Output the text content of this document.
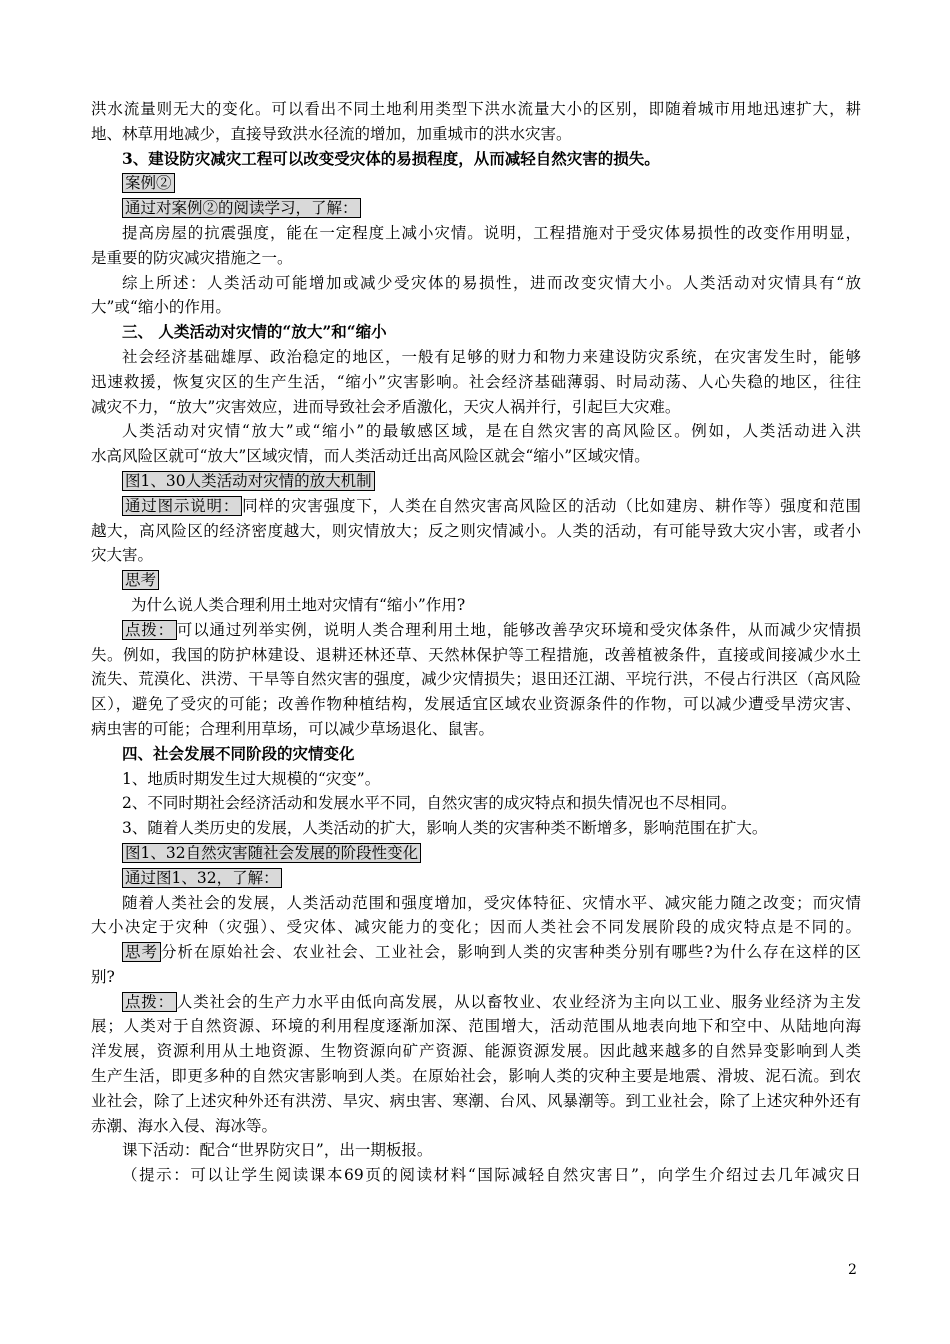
洪水流量则无大的变化。可以看出不同土地利用类型下洪水流量大小的区别，即随着城市用地迅速扩大，耕
地、林草用地减少，直接导致洪水径流的增加，加重城市的洪水灾害。
3、建设防灾减灾工程可以改变受灾体的易损程度，从而减轻自然灾害的损失。
案例②
通过对案例②的阅读学习，了解：
提高房屋的抗震强度，能在一定程度上减小灾情。说明，工程措施对于受灾体易损性的改变作用明显，
是重要的防灾减灾措施之一。
综上所述：人类活动可能增加或减少受灾体的易损性，进而改变灾情大小。人类活动对灾情具有“放
大”或“缩小的作用。
三、 人类活动对灾情的“放大”和“缩小
社会经济基础雄厚、政治稳定的地区，一般有足够的财力和物力来建设防灾系统，在灾害发生时，能够
迅速救援，恢复灾区的生产生活，“缩小”灾害影响。社会经济基础薄弱、时局动荡、人心失稳的地区，往往
减灾不力，“放大”灾害效应，进而导致社会矛盾激化，天灾人祸并行，引起巨大灾难。
人类活动对灾情“放大”或“缩小”的最敏感区域，是在自然灾害的高风险区。例如，人类活动进入洪
水高风险区就可“放大”区域灾情，而人类活动迁出高风险区就会“缩小”区域灾情。
图1、30人类活动对灾情的放大机制
通过图示说明： 同样的灾害强度下，人类在自然灾害高风险区的活动（比如建房、耕作等）强度和范围
越大，高风险区的经济密度越大，则灾情放大；反之则灾情减小。人类的活动，有可能导致大灾小害，或者小
灾大害。
思考
为什么说人类合理利用土地对灾情有“缩小”作用?
点拨： 可以通过列举实例，说明人类合理利用土地，能够改善孕灾环境和受灾体条件，从而减少灾情损
失。例如，我国的防护林建设、退耕还林还草、天然林保护等工程措施，改善植被条件，直接或间接减少水土
流失、荒漠化、洪涝、干旱等自然灾害的强度，减少灾情损失；退田还江湖、平垸行洪，不侵占行洪区（高风险
区），避免了受灾的可能；改善作物种植结构，发展适宜区域农业资源条件的作物，可以减少遭受旱涝灾害、
病虫害的可能；合理利用草场，可以减少草场退化、鼠害。
四、社会发展不同阶段的灾情变化
1、地质时期发生过大规模的“灾变”。
2、不同时期社会经济活动和发展水平不同，自然灾害的成灾特点和损失情况也不尽相同。
3、随着人类历史的发展，人类活动的扩大，影响人类的灾害种类不断增多，影响范围在扩大。
图1、32自然灾害随社会发展的阶段性变化
通过图1、32，了解：
随着人类社会的发展，人类活动范围和强度增加，受灾体特征、灾情水平、减灾能力随之改变；而灾情
大小决定于灾种（灾强）、受灾体、减灾能力的变化；因而人类社会不同发展阶段的成灾特点是不同的。
思考 分析在原始社会、农业社会、工业社会，影响到人类的灾害种类分别有哪些?为什么存在这样的区
别?
点拨： 人类社会的生产力水平由低向高发展，从以畜牧业、农业经济为主向以工业、服务业经济为主发
展；人类对于自然资源、环境的利用程度逐渐加深、范围增大，活动范围从地表向地下和空中、从陆地向海
洋发展，资源利用从土地资源、生物资源向矿产资源、能源资源发展。因此越来越多的自然异变影响到人类
生产生活，即更多种的自然灾害影响到人类。在原始社会，影响人类的灾种主要是地震、滑坡、泥石流。到农
业社会，除了上述灾种外还有洪涝、旱灾、病虫害、寒潮、台风、风暴潮等。到工业社会，除了上述灾种外还有
赤潮、海水入侵、海冰等。
课下活动：配合“世界防灾日”，出一期板报。
（提示：可以让学生阅读课本69页的阅读材料“国际减轻自然灾害日”，向学生介绍过去几年减灾日
2
